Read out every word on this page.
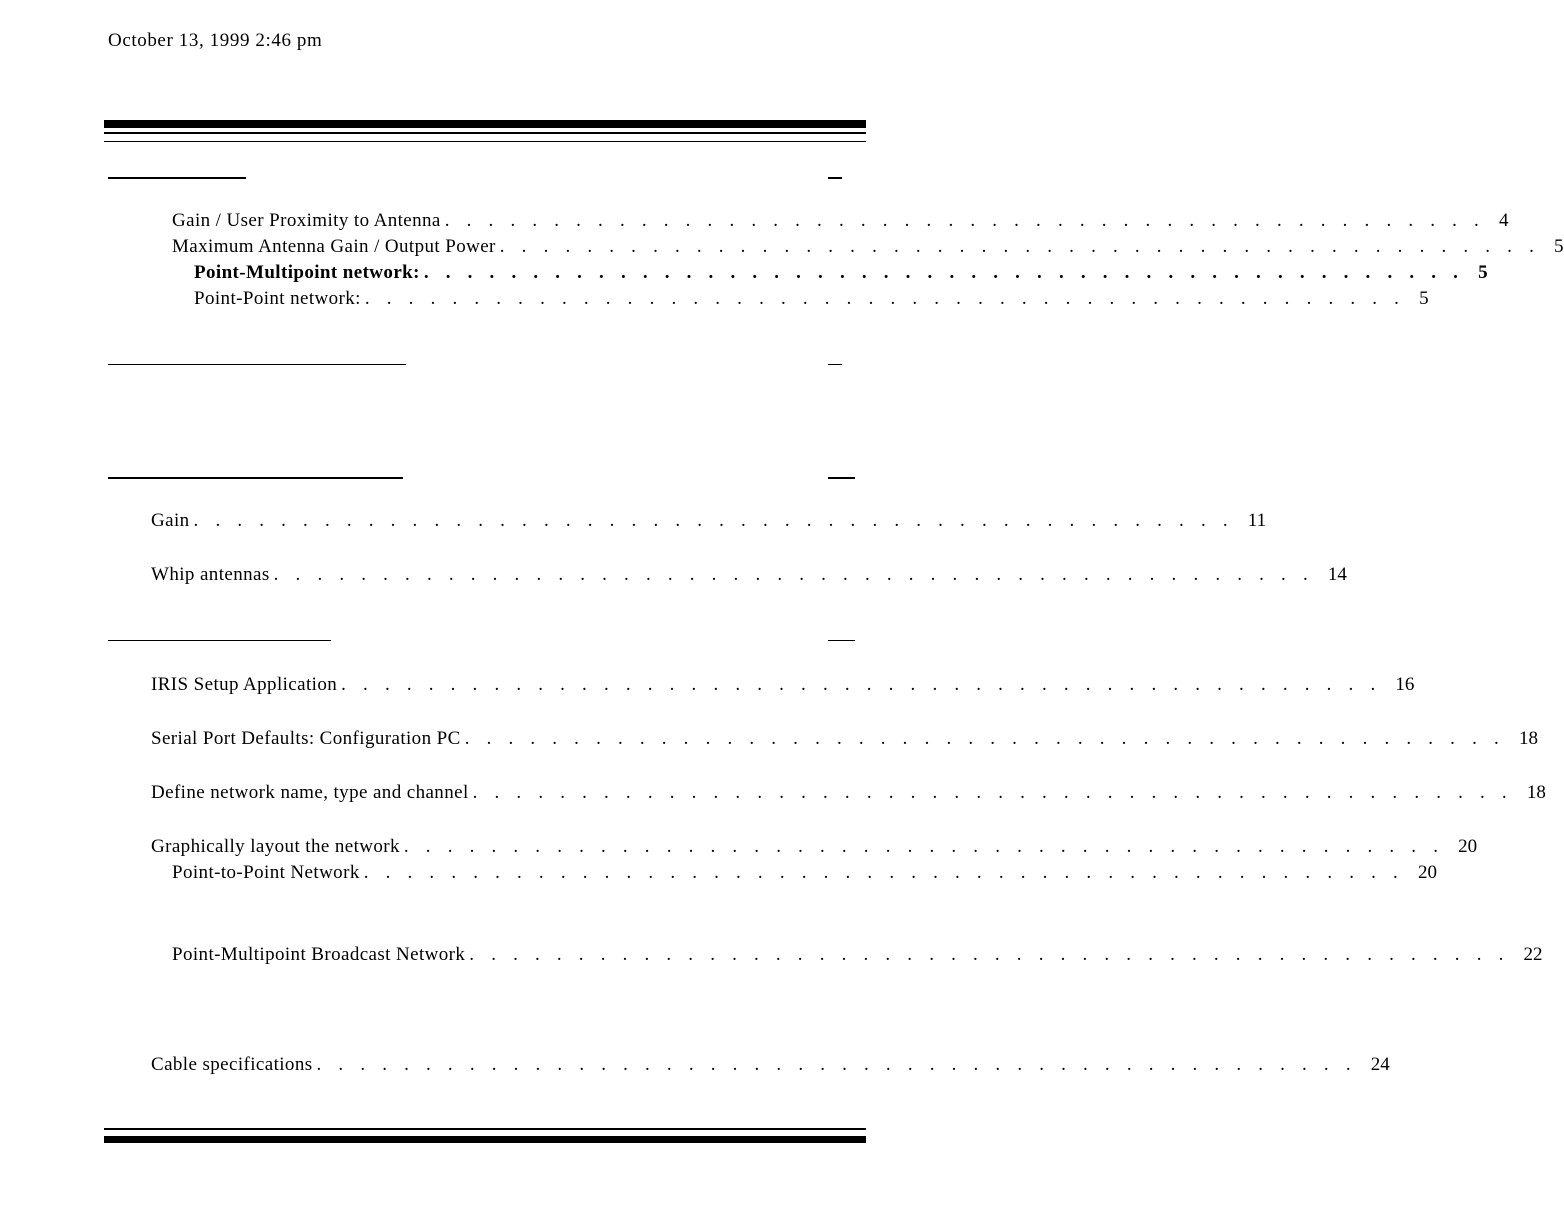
October 13, 1999 2:46 pm
Gain / User Proximity to Antenna . . . . . . . . . . . . . . . . . . . . . . . . . . . . . . . . . . . . . . . . . . . . . . . . 4
Maximum Antenna Gain / Output Power . . . . . . . . . . . . . . . . . . . . . . . . . . . . . . . . . . . . . . . . . . . . . . . . 5
Point-Multipoint network: . . . . . . . . . . . . . . . . . . . . . . . . . . . . . . . . . . . . . . . . . . . . . . . . 5
Point-Point network: . . . . . . . . . . . . . . . . . . . . . . . . . . . . . . . . . . . . . . . . . . . . . . . . 5
Gain . . . . . . . . . . . . . . . . . . . . . . . . . . . . . . . . . . . . . . . . . . . . . . . . 11
Whip antennas . . . . . . . . . . . . . . . . . . . . . . . . . . . . . . . . . . . . . . . . . . . . . . . . 14
IRIS Setup Application . . . . . . . . . . . . . . . . . . . . . . . . . . . . . . . . . . . . . . . . . . . . . . . . 16
Serial Port Defaults: Configuration PC . . . . . . . . . . . . . . . . . . . . . . . . . . . . . . . . . . . . . . . . . . . . . . . . 18
Define network name, type and channel . . . . . . . . . . . . . . . . . . . . . . . . . . . . . . . . . . . . . . . . . . . . . . . . 18
Graphically layout the network . . . . . . . . . . . . . . . . . . . . . . . . . . . . . . . . . . . . . . . . . . . . . . . . 20
Point-to-Point Network . . . . . . . . . . . . . . . . . . . . . . . . . . . . . . . . . . . . . . . . . . . . . . . . 20
Point-Multipoint Broadcast Network . . . . . . . . . . . . . . . . . . . . . . . . . . . . . . . . . . . . . . . . . . . . . . . . 22
Cable specifications . . . . . . . . . . . . . . . . . . . . . . . . . . . . . . . . . . . . . . . . . . . . . . . . 24
